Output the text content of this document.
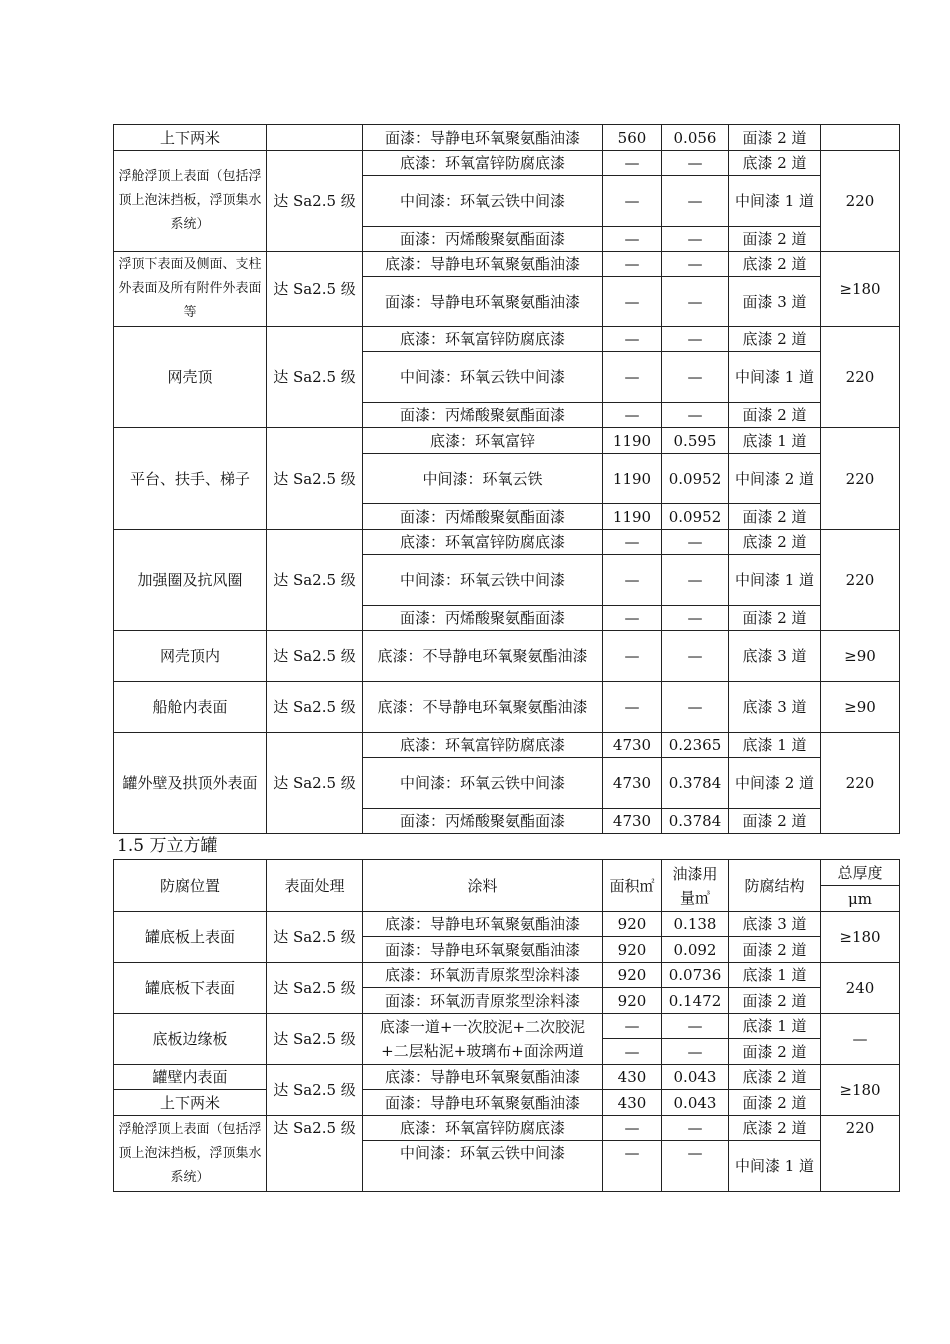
上下两米		面漆：导静电环氧聚氨酯油漆	560	0.056	面漆 2 道	
浮舱浮顶上表面（包括浮顶上泡沫挡板，浮顶集水系统）	达 Sa2.5 级	底漆：环氧富锌防腐底漆	—	—	底漆 2 道	220
		中间漆：环氧云铁中间漆	—	—	中间漆 1 道	
		面漆：丙烯酸聚氨酯面漆	—	—	面漆 2 道	
浮顶下表面及侧面、支柱外表面及所有附件外表面等	达 Sa2.5 级	底漆：导静电环氧聚氨酯油漆	—	—	底漆 2 道	≥180
		面漆：导静电环氧聚氨酯油漆	—	—	面漆 3 道	
网壳顶	达 Sa2.5 级	底漆：环氧富锌防腐底漆	—	—	底漆 2 道	220
		中间漆：环氧云铁中间漆	—	—	中间漆 1 道	
		面漆：丙烯酸聚氨酯面漆	—	—	面漆 2 道	
平台、扶手、梯子	达 Sa2.5 级	底漆：环氧富锌	1190	0.595	底漆 1 道	220
		中间漆：环氧云铁	1190	0.0952	中间漆 2 道	
		面漆：丙烯酸聚氨酯面漆	1190	0.0952	面漆 2 道	
加强圈及抗风圈	达 Sa2.5 级	底漆：环氧富锌防腐底漆	—	—	底漆 2 道	220
		中间漆：环氧云铁中间漆	—	—	中间漆 1 道	
		面漆：丙烯酸聚氨酯面漆	—	—	面漆 2 道	
网壳顶内	达 Sa2.5 级	底漆：不导静电环氧聚氨酯油漆	—	—	底漆 3 道	≥90
船舱内表面	达 Sa2.5 级	底漆：不导静电环氧聚氨酯油漆	—	—	底漆 3 道	≥90
罐外壁及拱顶外表面	达 Sa2.5 级	底漆：环氧富锌防腐底漆	4730	0.2365	底漆 1 道	220
		中间漆：环氧云铁中间漆	4730	0.3784	中间漆 2 道	
		面漆：丙烯酸聚氨酯面漆	4730	0.3784	面漆 2 道	
1.5 万立方罐
防腐位置	表面处理	涂料	面积㎡	油漆用量㎥	防腐结构	总厚度
						μm
罐底板上表面	达 Sa2.5 级	底漆：导静电环氧聚氨酯油漆	920	0.138	底漆 3 道	≥180
		面漆：导静电环氧聚氨酯油漆	920	0.092	面漆 2 道	
罐底板下表面	达 Sa2.5 级	底漆：环氧沥青原浆型涂料漆	920	0.0736	底漆 1 道	240
		面漆：环氧沥青原浆型涂料漆	920	0.1472	面漆 2 道	
底板边缘板	达 Sa2.5 级	底漆一道+一次胶泥+二次胶泥+二层粘泥+玻璃布+面涂两道	—	—	底漆 1 道	—
			—	—	面漆 2 道	
罐壁内表面	达 Sa2.5 级	底漆：导静电环氧聚氨酯油漆	430	0.043	底漆 2 道	≥180
上下两米		面漆：导静电环氧聚氨酯油漆	430	0.043	面漆 2 道	
浮舱浮顶上表面（包括浮顶上泡沫挡板，浮顶集水系统）	达 Sa2.5 级	底漆：环氧富锌防腐底漆	—	—	底漆 2 道	220
		中间漆：环氧云铁中间漆	—	—	中间漆 1 道	
